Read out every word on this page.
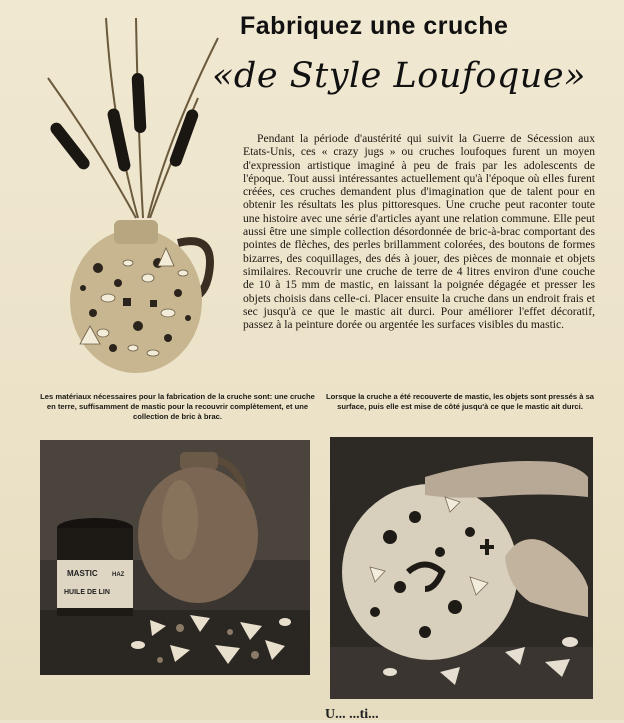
Fabriquez une cruche
«de Style Loufoque»
Pendant la période d'austérité qui suivit la Guerre de Sécession aux Etats-Unis, ces « crazy jugs » ou cruches loufoques furent un moyen d'expression artistique imaginé à peu de frais par les adolescents de l'époque. Tout aussi intéressantes actuellement qu'à l'époque où elles furent créées, ces cruches demandent plus d'imagination que de talent pour en obtenir les résultats les plus pittoresques. Une cruche peut raconter toute une histoire avec une série d'articles ayant une relation commune. Elle peut aussi être une simple collection désordonnée de bric-à-brac comportant des pointes de flèches, des perles brillamment colorées, des boutons de formes bizarres, des coquillages, des dés à jouer, des pièces de monnaie et objets similaires. Recouvrir une cruche de terre de 4 litres environ d'une couche de 10 à 15 mm de mastic, en laissant la poignée dégagée et presser les objets choisis dans celle-ci. Placer ensuite la cruche dans un endroit frais et sec jusqu'à ce que le mastic ait durci. Pour améliorer l'effet décoratif, passez à la peinture dorée ou argentée les surfaces visibles du mastic.
Les matériaux nécessaires pour la fabrication de la cruche sont: une cruche en terre, suffisamment de mastic pour la recouvrir complètement, et une collection de bric à brac.
Lorsque la cruche a été recouverte de mastic, les objets sont pressés à sa surface, puis elle est mise de côté jusqu'à ce que le mastic ait durci.
MASTIC HAZ
HUILE DE LIN
U... ...ti...
